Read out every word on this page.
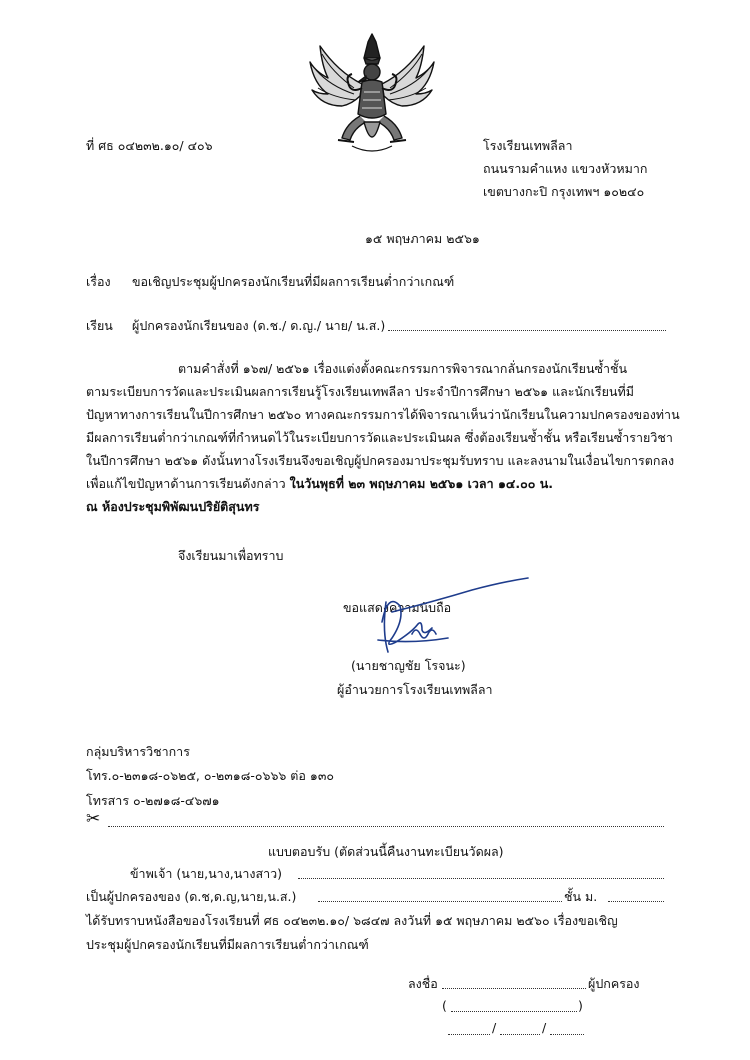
ที่ ศธ ๐๔๒๓๒.๑๐/ ๔๐๖	โรงเรียนเทพลีลา
ถนนรามคำแหง แขวงหัวหมาก
เขตบางกะปิ กรุงเทพฯ ๑๐๒๔๐
๑๕ พฤษภาคม ๒๕๖๑
เรื่อง ขอเชิญประชุมผู้ปกครองนักเรียนที่มีผลการเรียนต่ำกว่าเกณฑ์
เรียน ผู้ปกครองนักเรียนของ (ด.ช./ ด.ญ./ นาย/ น.ส.)
ตามคำสั่งที่ ๑๖๗/ ๒๕๖๑ เรื่องแต่งตั้งคณะกรรมการพิจารณากลั่นกรองนักเรียนซ้ำชั้น
ตามระเบียบการวัดและประเมินผลการเรียนรู้โรงเรียนเทพลีลา ประจำปีการศึกษา ๒๕๖๑ และนักเรียนที่มี
ปัญหาทางการเรียนในปีการศึกษา ๒๕๖๐ ทางคณะกรรมการได้พิจารณาเห็นว่านักเรียนในความปกครองของท่าน
มีผลการเรียนต่ำกว่าเกณฑ์ที่กำหนดไว้ในระเบียบการวัดและประเมินผล ซึ่งต้องเรียนซ้ำชั้น หรือเรียนซ้ำรายวิชา
ในปีการศึกษา ๒๕๖๑ ดังนั้นทางโรงเรียนจึงขอเชิญผู้ปกครองมาประชุมรับทราบ และลงนามในเงื่อนไขการตกลง
เพื่อแก้ไขปัญหาด้านการเรียนดังกล่าว ในวันพุธที่ ๒๓ พฤษภาคม ๒๕๖๑ เวลา ๑๔.๐๐ น.
ณ ห้องประชุมพิพัฒนปริยัติสุนทร
จึงเรียนมาเพื่อทราบ
ขอแสดงความนับถือ
(นายชาญชัย โรจนะ)
ผู้อำนวยการโรงเรียนเทพลีลา
กลุ่มบริหารวิชาการ
โทร.๐-๒๓๑๘-๐๖๒๕, ๐-๒๓๑๘-๐๖๖๖ ต่อ ๑๓๐
โทรสาร ๐-๒๗๑๘-๔๖๗๑
✂
แบบตอบรับ (ตัดส่วนนี้คืนงานทะเบียนวัดผล)
ข้าพเจ้า (นาย,นาง,นางสาว)
เป็นผู้ปกครองของ (ด.ช,ด.ญ,นาย,น.ส.)	ชั้น ม.
ได้รับทราบหนังสือของโรงเรียนที่ ศธ ๐๔๒๓๒.๑๐/ ๖๘๔๗ ลงวันที่ ๑๕ พฤษภาคม ๒๕๖๐ เรื่องขอเชิญ
ประชุมผู้ปกครองนักเรียนที่มีผลการเรียนต่ำกว่าเกณฑ์
ลงชื่อ	ผู้ปกครอง
(	)
/	/
